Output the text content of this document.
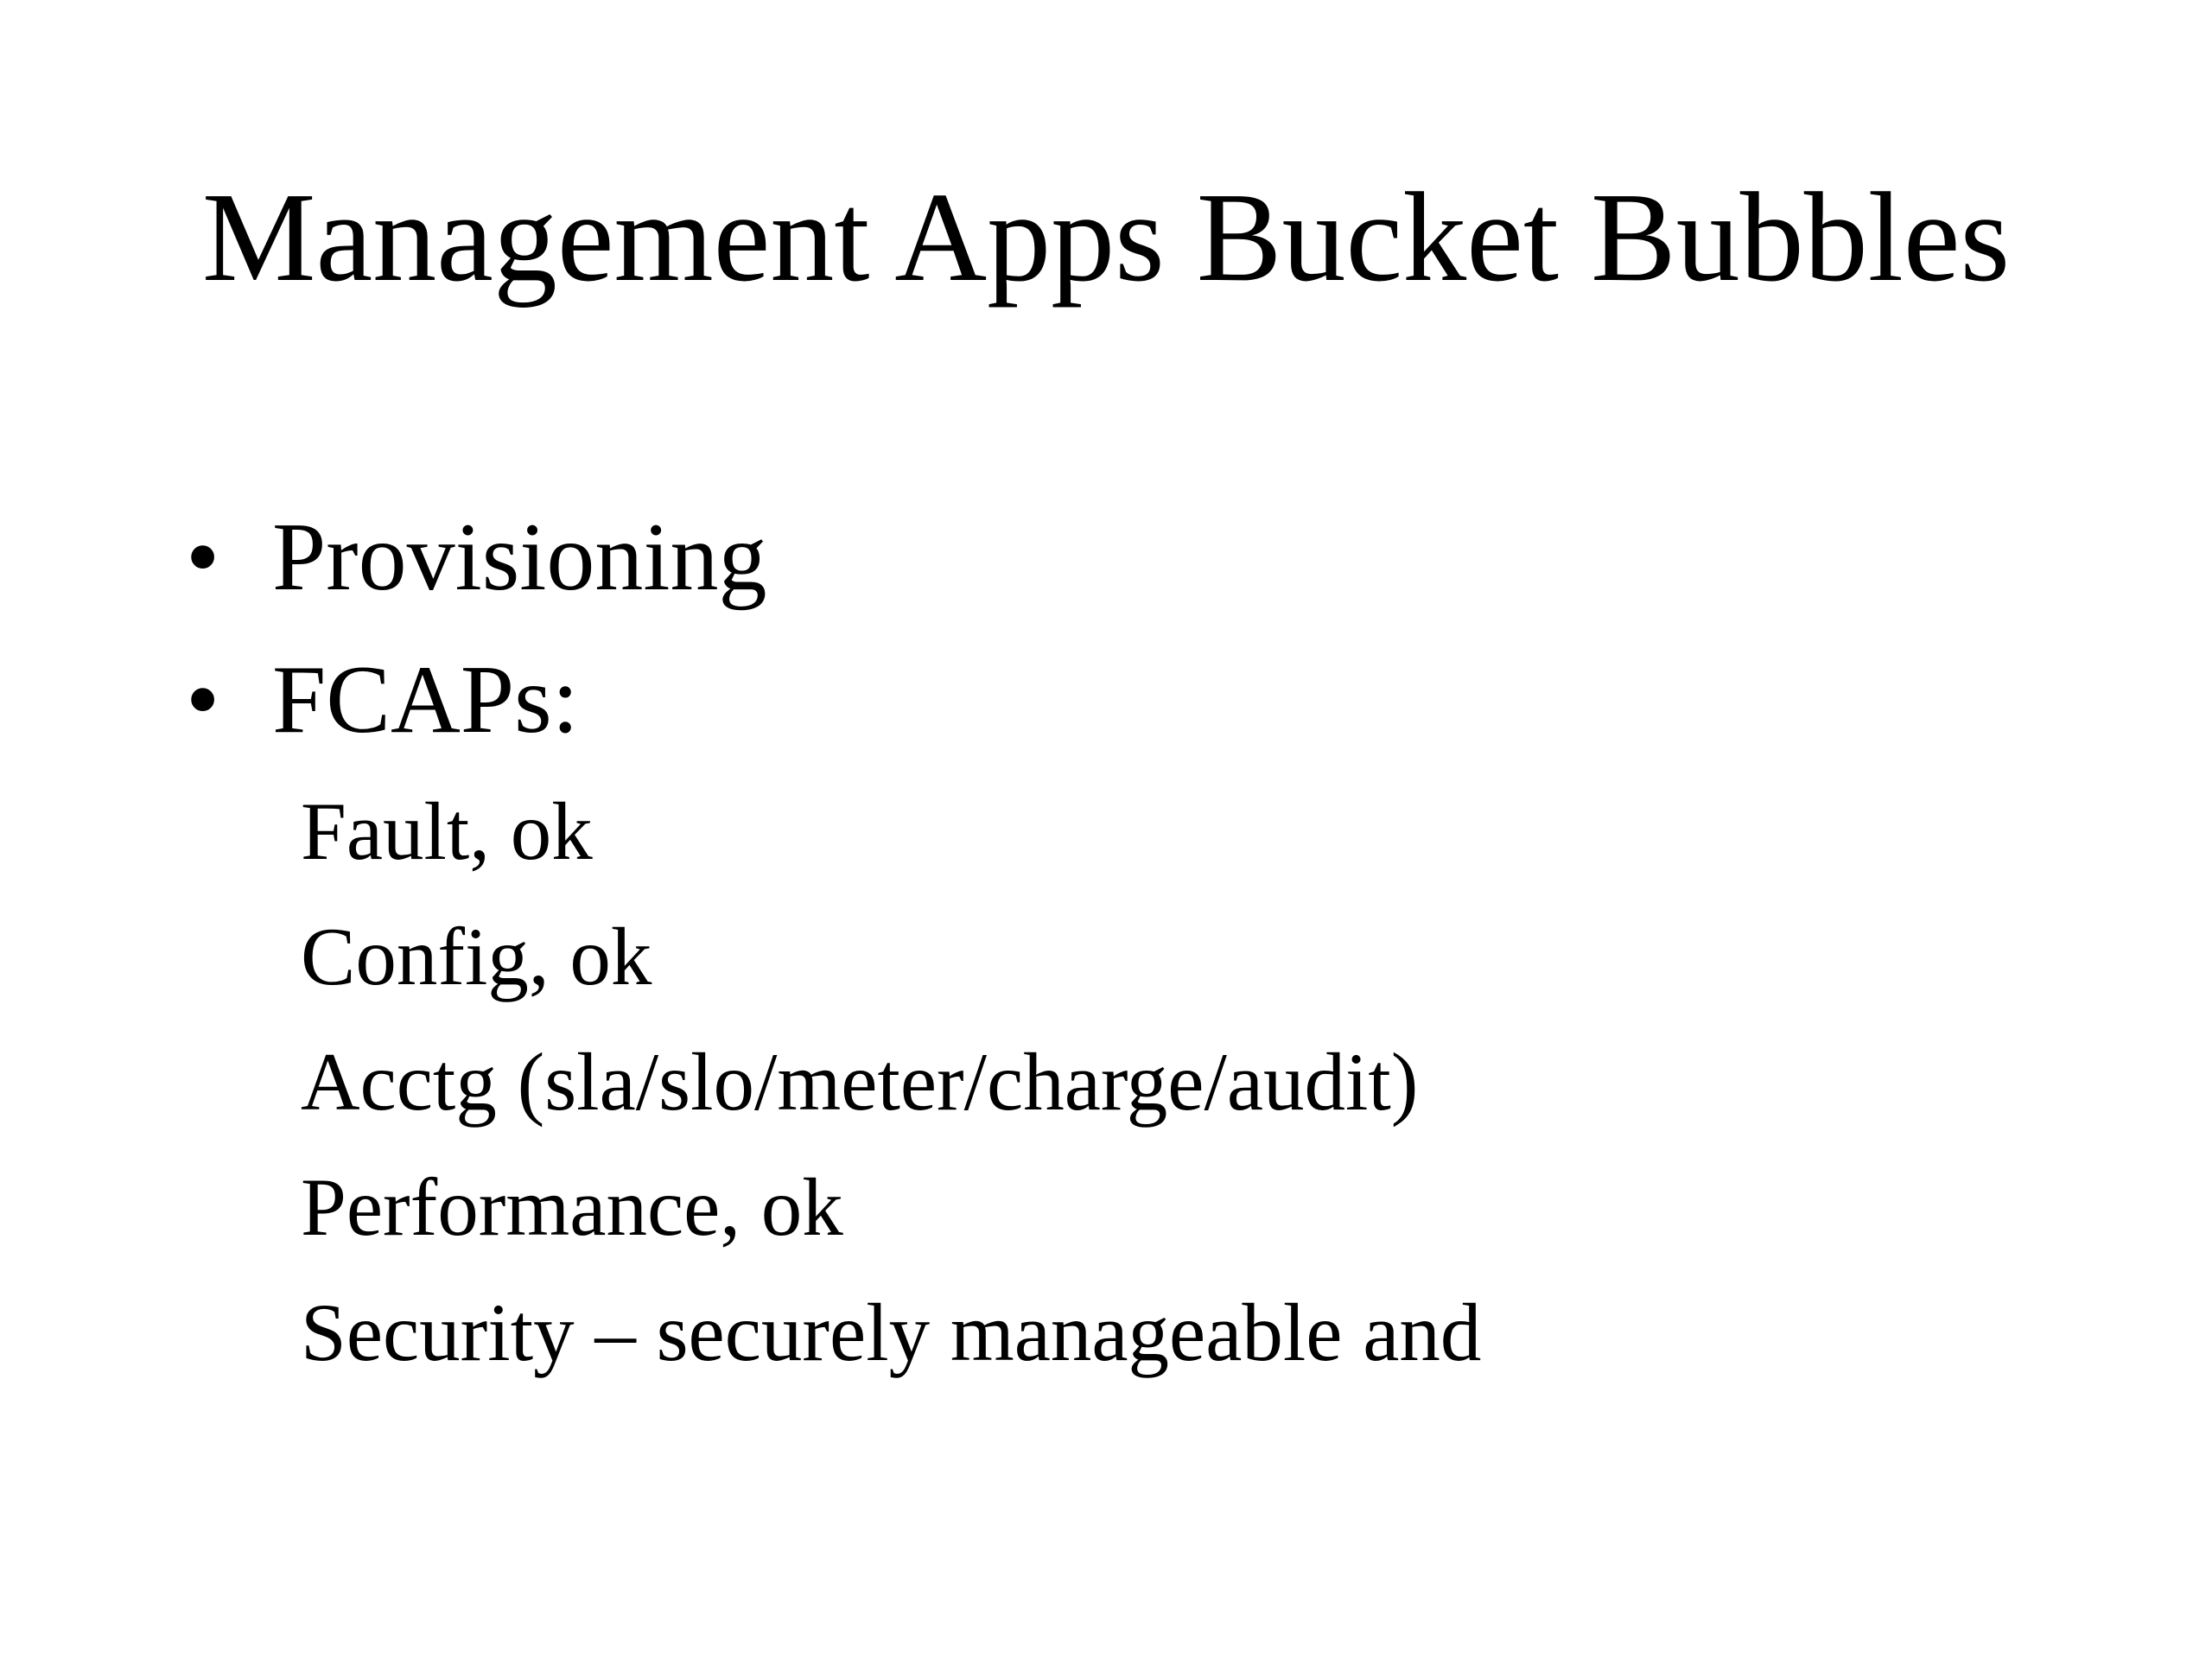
Management Apps Bucket Bubbles
• Provisioning
• FCAPs:
Fault, ok
Config, ok
Acctg (sla/slo/meter/charge/audit)
Performance, ok
Security – securely manageable and
